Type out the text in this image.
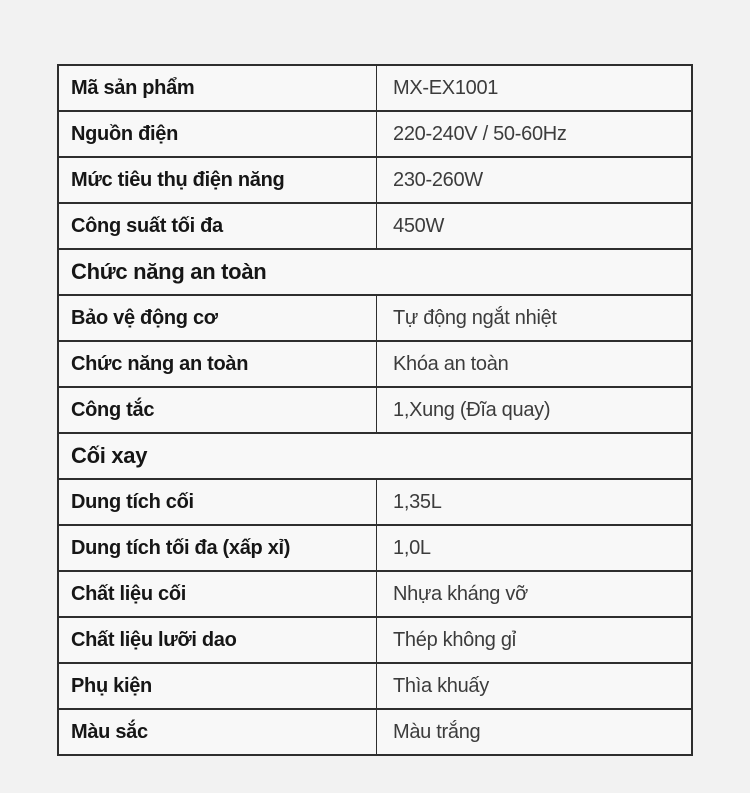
Mã sản phẩm	MX-EX1001
Nguồn điện	220-240V / 50-60Hz
Mức tiêu thụ điện năng	230-260W
Công suất tối đa	450W
Chức năng an toàn
Bảo vệ động cơ	Tự động ngắt nhiệt
Chức năng an toàn	Khóa an toàn
Công tắc	1,Xung (Đĩa quay)
Cối xay
Dung tích cối	1,35L
Dung tích tối đa (xấp xỉ)	1,0L
Chất liệu cối	Nhựa kháng vỡ
Chất liệu lưỡi dao	Thép không gỉ
Phụ kiện	Thìa khuấy
Màu sắc	Màu trắng
